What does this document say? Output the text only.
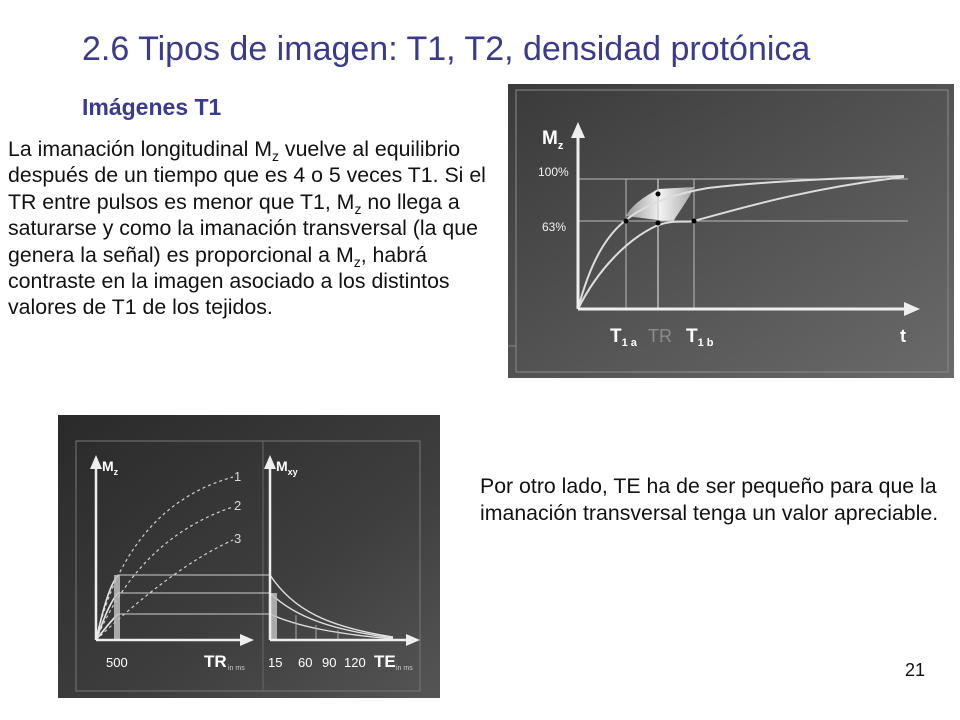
2.6 Tipos de imagen: T1, T2, densidad protónica
Imágenes T1
La imanación longitudinal $M_z$ vuelve al equilibrio después de un tiempo que es 4 o 5 veces T1. Si el TR entre pulsos es menor que T1, $M_z$ no llega a saturarse y como la imanación transversal (la que genera la señal) es proporcional a $M_z$, habrá contraste en la imagen asociado a los distintos valores de T1 de los tejidos.
Por otro lado, TE ha de ser pequeño para que la imanación transversal tenga un valor apreciable.
21
$M_z$
100%
63%
$T_{1 a}$ TR $T_{1 b}$	t
$M_z$	$M_{xy}$
1
2
3
500	TR in ms 15 60 90 120 TE in ms
